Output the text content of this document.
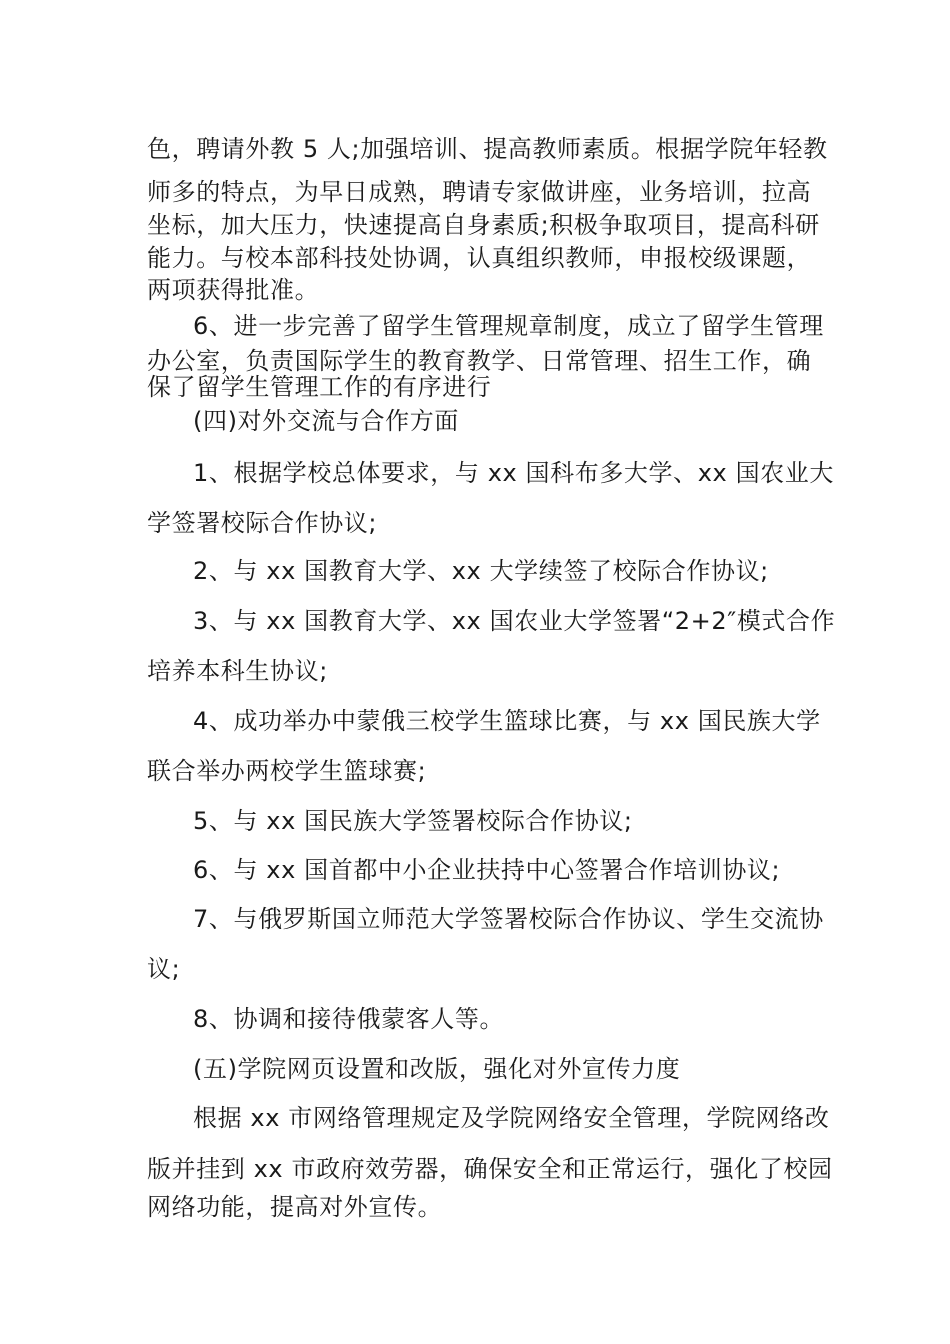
色，聘请外教 5 人;加强培训、提高教师素质。根据学院年轻教

师多的特点，为早日成熟，聘请专家做讲座，业务培训，拉高

坐标，加大压力，快速提高自身素质;积极争取项目，提高科研

能力。与校本部科技处协调，认真组织教师，申报校级课题，

两项获得批准。

6、进一步完善了留学生管理规章制度，成立了留学生管理

办公室，负责国际学生的教育教学、日常管理、招生工作，确

保了留学生管理工作的有序进行

(四)对外交流与合作方面

1、根据学校总体要求，与 xx 国科布多大学、xx 国农业大

学签署校际合作协议;

2、与 xx 国教育大学、xx 大学续签了校际合作协议;

3、与 xx 国教育大学、xx 国农业大学签署“2+2″模式合作

培养本科生协议;

4、成功举办中蒙俄三校学生篮球比赛，与 xx 国民族大学

联合举办两校学生篮球赛;

5、与 xx 国民族大学签署校际合作协议;

6、与 xx 国首都中小企业扶持中心签署合作培训协议;

7、与俄罗斯国立师范大学签署校际合作协议、学生交流协

议;

8、协调和接待俄蒙客人等。

(五)学院网页设置和改版，强化对外宣传力度

根据 xx 市网络管理规定及学院网络安全管理，学院网络改

版并挂到 xx 市政府效劳器，确保安全和正常运行，强化了校园

网络功能，提高对外宣传。
